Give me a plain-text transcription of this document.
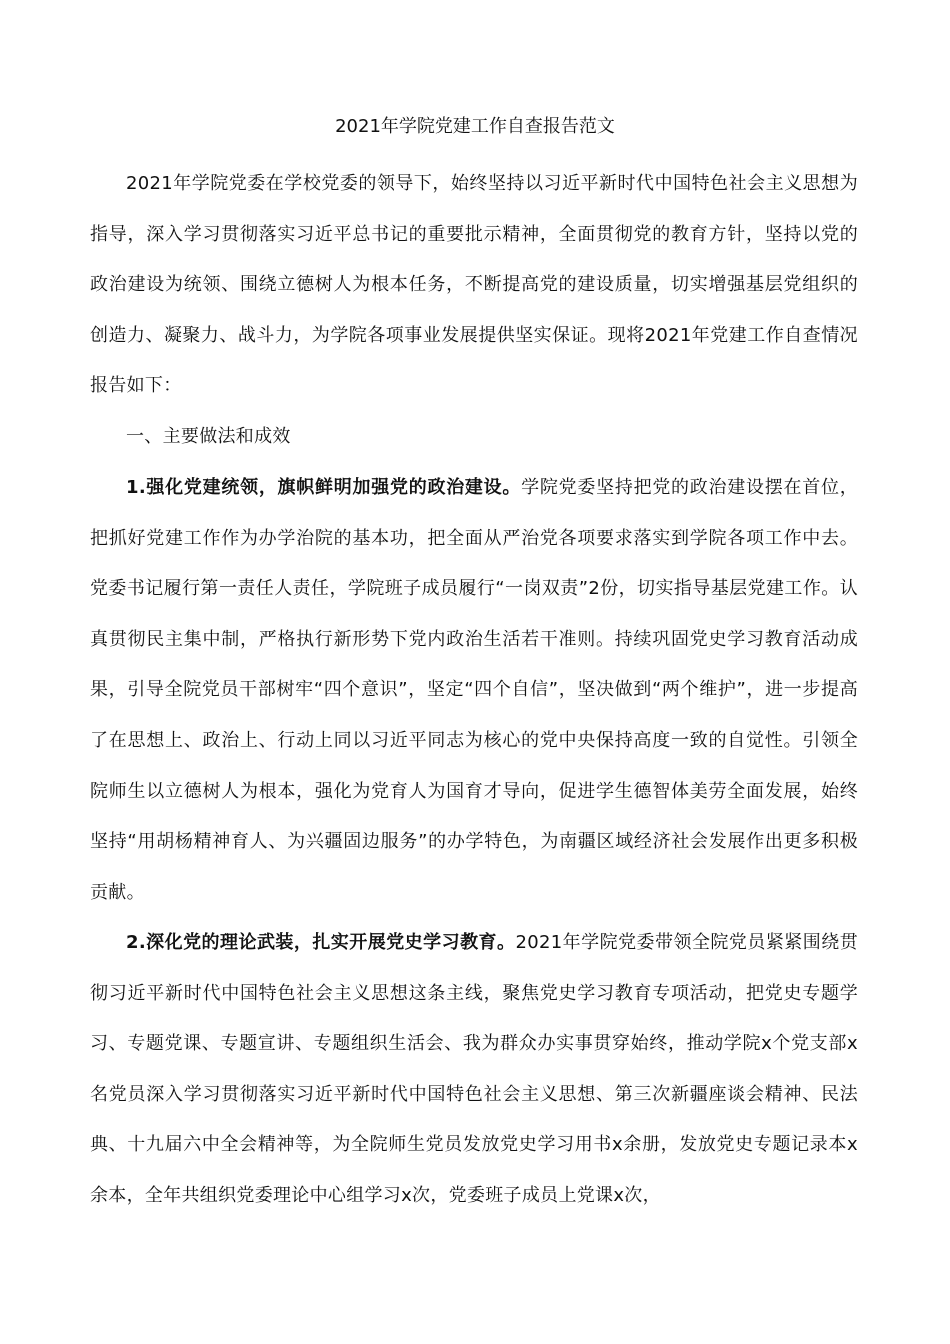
2021年学院党建工作自查报告范文

2021年学院党委在学校党委的领导下，始终坚持以习近平新时代中国特色社会主义思想为指导，深入学习贯彻落实习近平总书记的重要批示精神，全面贯彻党的教育方针，坚持以党的政治建设为统领、围绕立德树人为根本任务，不断提高党的建设质量，切实增强基层党组织的创造力、凝聚力、战斗力，为学院各项事业发展提供坚实保证。现将2021年党建工作自查情况报告如下：

一、主要做法和成效

1.强化党建统领，旗帜鲜明加强党的政治建设。学院党委坚持把党的政治建设摆在首位，把抓好党建工作作为办学治院的基本功，把全面从严治党各项要求落实到学院各项工作中去。党委书记履行第一责任人责任，学院班子成员履行“一岗双责”2份，切实指导基层党建工作。认真贯彻民主集中制，严格执行新形势下党内政治生活若干准则。持续巩固党史学习教育活动成果，引导全院党员干部树牢“四个意识”，坚定“四个自信”，坚决做到“两个维护”，进一步提高了在思想上、政治上、行动上同以习近平同志为核心的党中央保持高度一致的自觉性。引领全院师生以立德树人为根本，强化为党育人为国育才导向，促进学生德智体美劳全面发展，始终坚持“用胡杨精神育人、为兴疆固边服务”的办学特色，为南疆区域经济社会发展作出更多积极贡献。

2.深化党的理论武装，扎实开展党史学习教育。2021年学院党委带领全院党员紧紧围绕贯彻习近平新时代中国特色社会主义思想这条主线，聚焦党史学习教育专项活动，把党史专题学习、专题党课、专题宣讲、专题组织生活会、我为群众办实事贯穿始终，推动学院x个党支部x名党员深入学习贯彻落实习近平新时代中国特色社会主义思想、第三次新疆座谈会精神、民法典、十九届六中全会精神等，为全院师生党员发放党史学习用书x余册，发放党史专题记录本x余本，全年共组织党委理论中心组学习x次，党委班子成员上党课x次，
